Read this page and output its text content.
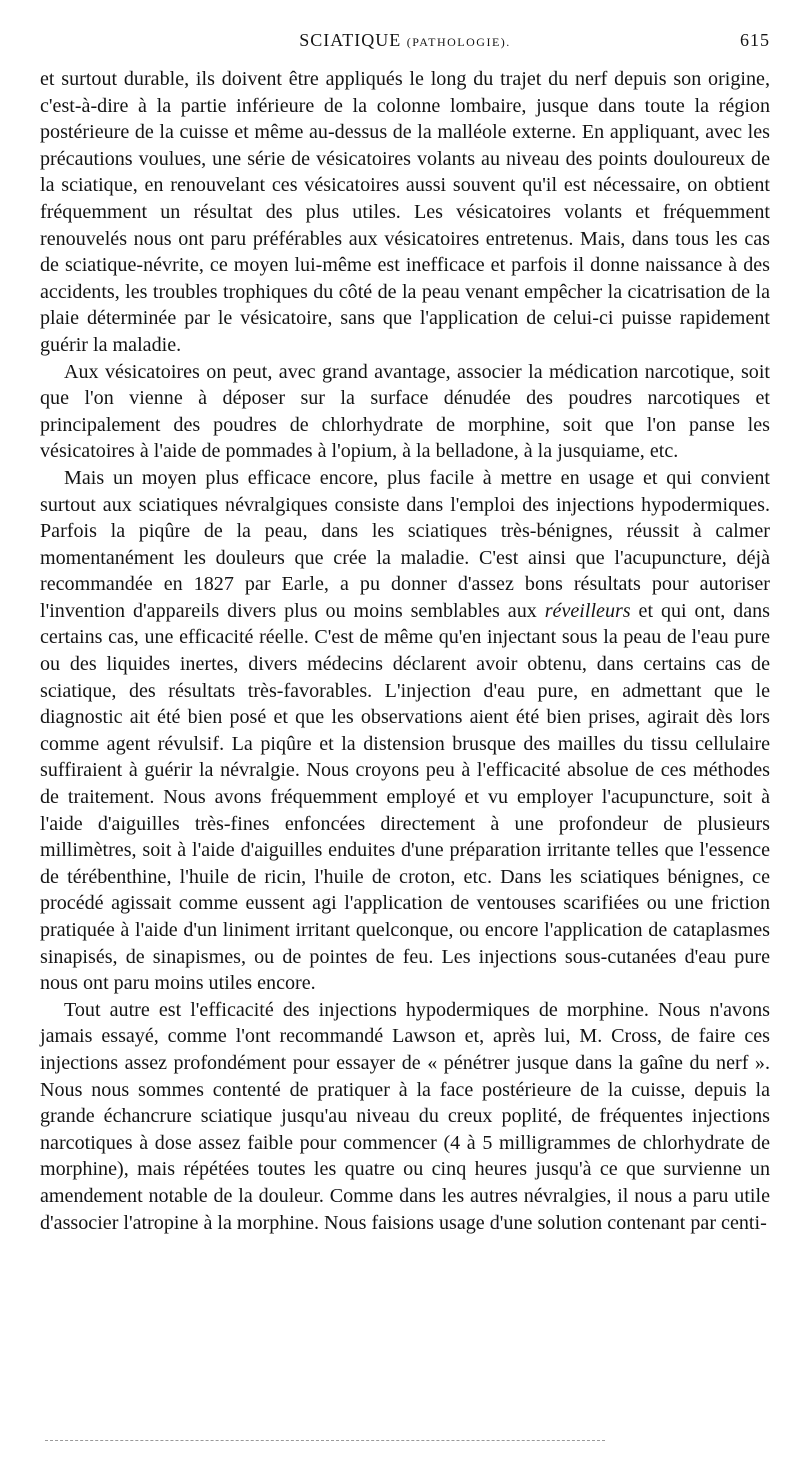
SCIATIQUE (PATHOLOGIE).	615

et surtout durable, ils doivent être appliqués le long du trajet du nerf depuis son origine, c'est-à-dire à la partie inférieure de la colonne lombaire, jusque dans toute la région postérieure de la cuisse et même au-dessus de la malléole externe. En appliquant, avec les précautions voulues, une série de vésicatoires volants au niveau des points douloureux de la sciatique, en renouvelant ces vésicatoires aussi souvent qu'il est nécessaire, on obtient fréquemment un résultat des plus utiles. Les vésicatoires volants et fréquemment renouvelés nous ont paru préférables aux vésicatoires entretenus. Mais, dans tous les cas de sciatique-névrite, ce moyen lui-même est inefficace et parfois il donne naissance à des accidents, les troubles trophiques du côté de la peau venant empêcher la cicatrisation de la plaie déterminée par le vésicatoire, sans que l'application de celui-ci puisse rapidement guérir la maladie.

Aux vésicatoires on peut, avec grand avantage, associer la médication narcotique, soit que l'on vienne à déposer sur la surface dénudée des poudres narcotiques et principalement des poudres de chlorhydrate de morphine, soit que l'on panse les vésicatoires à l'aide de pommades à l'opium, à la belladone, à la jusquiame, etc.

Mais un moyen plus efficace encore, plus facile à mettre en usage et qui convient surtout aux sciatiques névralgiques consiste dans l'emploi des injections hypodermiques. Parfois la piqûre de la peau, dans les sciatiques très-bénignes, réussit à calmer momentanément les douleurs que crée la maladie. C'est ainsi que l'acupuncture, déjà recommandée en 1827 par Earle, a pu donner d'assez bons résultats pour autoriser l'invention d'appareils divers plus ou moins semblables aux réveilleurs et qui ont, dans certains cas, une efficacité réelle. C'est de même qu'en injectant sous la peau de l'eau pure ou des liquides inertes, divers médecins déclarent avoir obtenu, dans certains cas de sciatique, des résultats très-favorables. L'injection d'eau pure, en admettant que le diagnostic ait été bien posé et que les observations aient été bien prises, agirait dès lors comme agent révulsif. La piqûre et la distension brusque des mailles du tissu cellulaire suffiraient à guérir la névralgie. Nous croyons peu à l'efficacité absolue de ces méthodes de traitement. Nous avons fréquemment employé et vu employer l'acupuncture, soit à l'aide d'aiguilles très-fines enfoncées directement à une profondeur de plusieurs millimètres, soit à l'aide d'aiguilles enduites d'une préparation irritante telles que l'essence de térébenthine, l'huile de ricin, l'huile de croton, etc. Dans les sciatiques bénignes, ce procédé agissait comme eussent agi l'application de ventouses scarifiées ou une friction pratiquée à l'aide d'un liniment irritant quelconque, ou encore l'application de cataplasmes sinapisés, de sinapismes, ou de pointes de feu. Les injections sous-cutanées d'eau pure nous ont paru moins utiles encore.

Tout autre est l'efficacité des injections hypodermiques de morphine. Nous n'avons jamais essayé, comme l'ont recommandé Lawson et, après lui, M. Cross, de faire ces injections assez profondément pour essayer de « pénétrer jusque dans la gaîne du nerf ». Nous nous sommes contenté de pratiquer à la face postérieure de la cuisse, depuis la grande échancrure sciatique jusqu'au niveau du creux poplité, de fréquentes injections narcotiques à dose assez faible pour commencer (4 à 5 milligrammes de chlorhydrate de morphine), mais répétées toutes les quatre ou cinq heures jusqu'à ce que survienne un amendement notable de la douleur. Comme dans les autres névralgies, il nous a paru utile d'associer l'atropine à la morphine. Nous faisions usage d'une solution contenant par centi-
